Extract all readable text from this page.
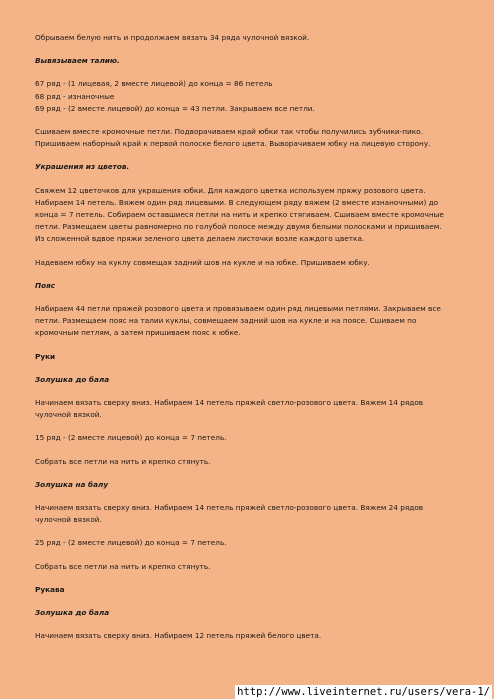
Обрываем белую нить и продолжаем вязать 34 ряда чулочной вязкой.

Вывязываем талию.

67 ряд - (1 лицевая, 2 вместе лицевой) до конца = 86 петель

68 ряд - изнаночные

69 ряд - (2 вместе лицевой) до конца = 43 петли. Закрываем все петли.

Сшиваем вместе кромочные петли. Подворачиваем край юбки так чтобы получились зубчики-пико.

Пришиваем наборный край к первой полоске белого цвета. Выворачиваем юбку на лицевую сторону.

Украшения из цветов.

Свяжем 12 цветочков для украшения юбки. Для каждого цветка используем пряжу розового цвета.

Набираем 14 петель. Вяжем один ряд лицевыми. В следующем ряду вяжем (2 вместе изнаночными) до

конца = 7 петель. Собираем оставшиеся петли на нить и крепко стягиваем. Сшиваем вместе кромочные

петли. Размещаем цветы равномерно по голубой полосе между двумя белыми полосками и пришиваем.

Из сложенной вдвое пряжи зеленого цвета делаем листочки возле каждого цветка.

Надеваем юбку на куклу совмещая задний шов на кукле и на юбке. Пришиваем юбку.

Пояс

Набираем 44 петли пряжей розового цвета и провязываем один ряд лицевыми петлями. Закрываем все

петли. Размещаем пояс на талии куклы, совмещаем задний шов на кукле и на поясе. Сшиваем по

кромочным петлям, а затем пришиваем пояс к юбке.

Руки

Золушка до бала

Начинаем вязать сверху вниз. Набираем 14 петель пряжей светло-розового цвета. Вяжем 14 рядов

чулочной вязкой.

15 ряд - (2 вместе лицевой) до конца = 7 петель.

Собрать все петли на нить и крепко стянуть.

Золушка на балу

Начинаем вязать сверху вниз. Набираем 14 петель пряжей светло-розового цвета. Вяжем 24 рядов

чулочной вязкой.

25 ряд - (2 вместе лицевой) до конца = 7 петель.

Собрать все петли на нить и крепко стянуть.

Рукава

Золушка до бала

Начинаем вязать сверху вниз. Набираем 12 петель пряжей белого цвета.

http://www.liveinternet.ru/users/vera-1/
